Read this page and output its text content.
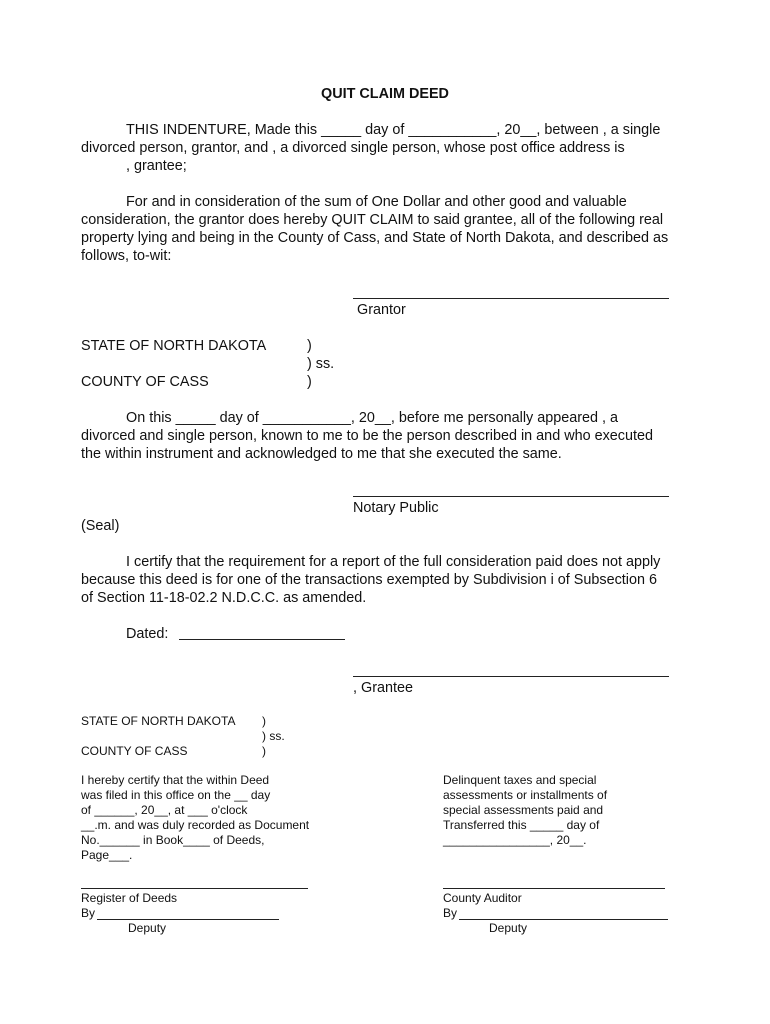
QUIT CLAIM DEED
THIS INDENTURE, Made this _____ day of ___________, 20__, between , a single
divorced person, grantor, and , a divorced single person, whose post office address is
, grantee;
For and in consideration of the sum of One Dollar and other good and valuable
consideration, the grantor does hereby QUIT CLAIM to said grantee, all of the following real
property lying and being in the County of Cass, and State of North Dakota, and described as
follows, to-wit:
Grantor
STATE OF NORTH DAKOTA	)
) ss.
COUNTY OF CASS	)
On this _____ day of ___________, 20__, before me personally appeared , a
divorced and single person, known to me to be the person described in and who executed
the within instrument and acknowledged to me that she executed the same.
Notary Public
(Seal)
I certify that the requirement for a report of the full consideration paid does not apply
because this deed is for one of the transactions exempted by Subdivision i of Subsection 6
of Section 11-18-02.2 N.D.C.C. as amended.
Dated:
, Grantee
STATE OF NORTH DAKOTA )
) ss.
COUNTY OF CASS	)
I hereby certify that the within Deed
was filed in this office on the __ day
of ______, 20__, at ___ o'clock
__.m. and was duly recorded as Document
No.______ in Book____ of Deeds,
Page___.
Register of Deeds
By
Deputy
Delinquent taxes and special
assessments or installments of
special assessments paid and
Transferred this _____ day of
________________, 20__.
County Auditor
By
Deputy
